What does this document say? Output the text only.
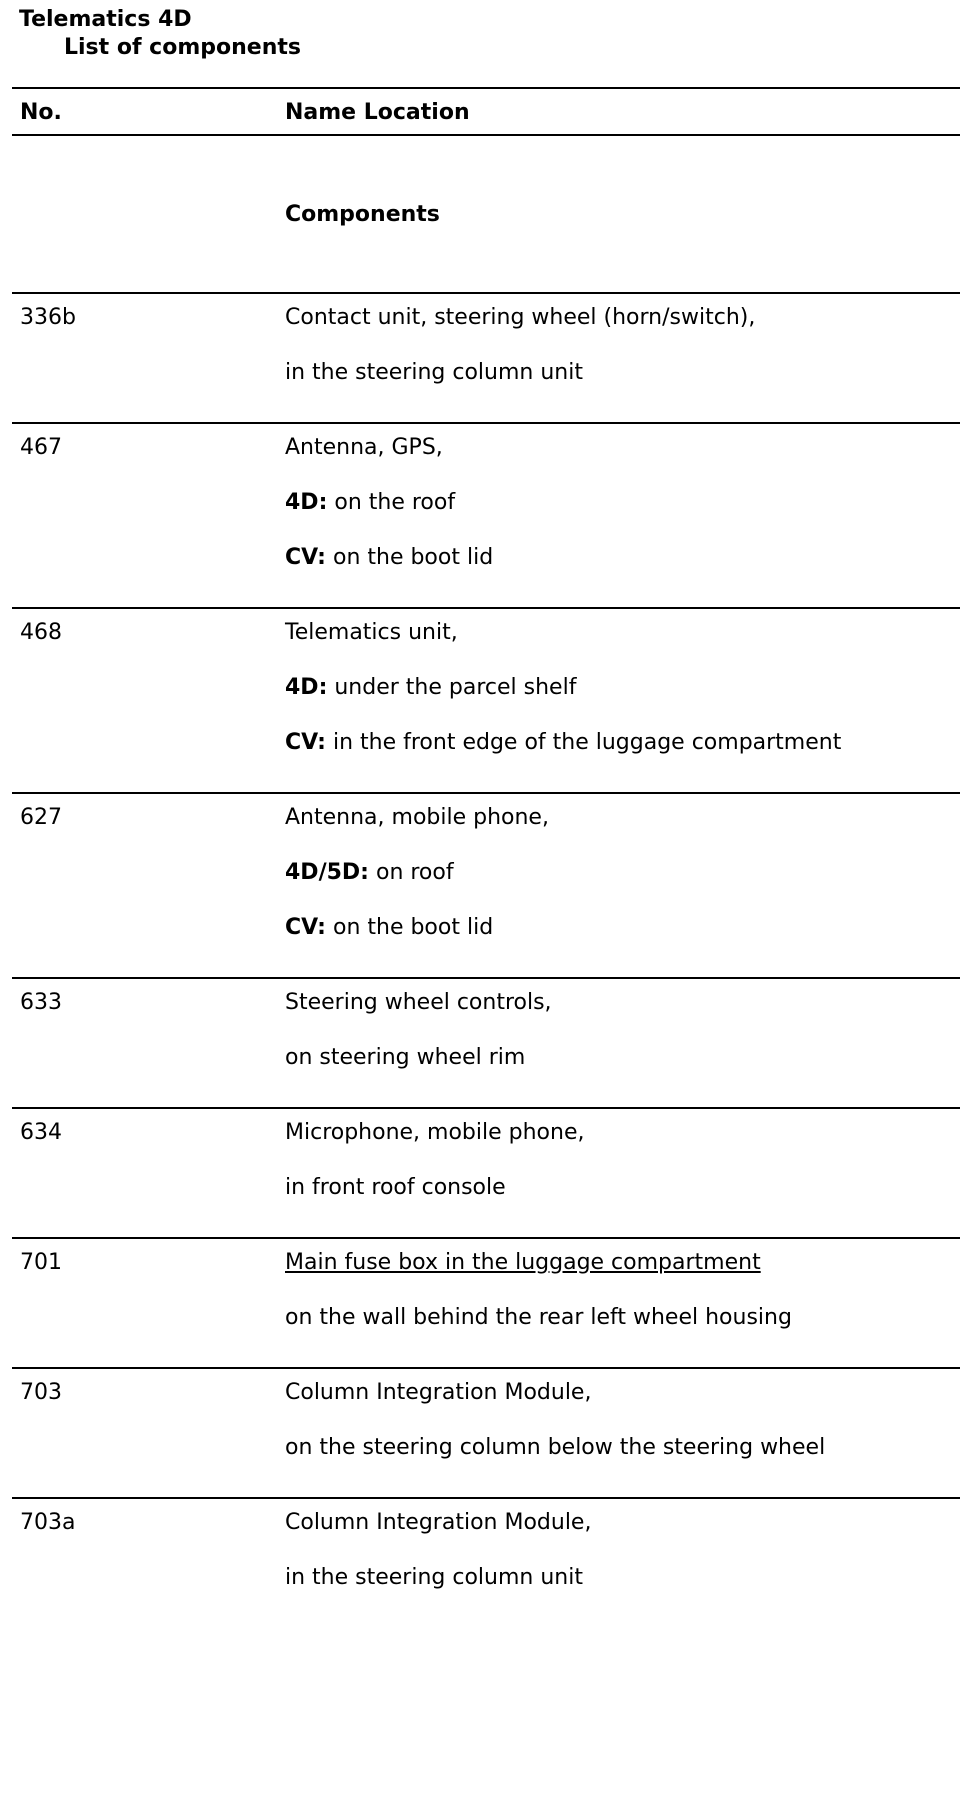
Telematics 4D
List of components
No.	Name Location
Components
336b	Contact unit, steering wheel (horn/switch),
in the steering column unit
467	Antenna, GPS,
4D: on the roof
CV: on the boot lid
468	Telematics unit,
4D: under the parcel shelf
CV: in the front edge of the luggage compartment
627	Antenna, mobile phone,
4D/5D: on roof
CV: on the boot lid
633	Steering wheel controls,
on steering wheel rim
634	Microphone, mobile phone,
in front roof console
701	Main fuse box in the luggage compartment
on the wall behind the rear left wheel housing
703	Column Integration Module,
on the steering column below the steering wheel
703a	Column Integration Module,
in the steering column unit
